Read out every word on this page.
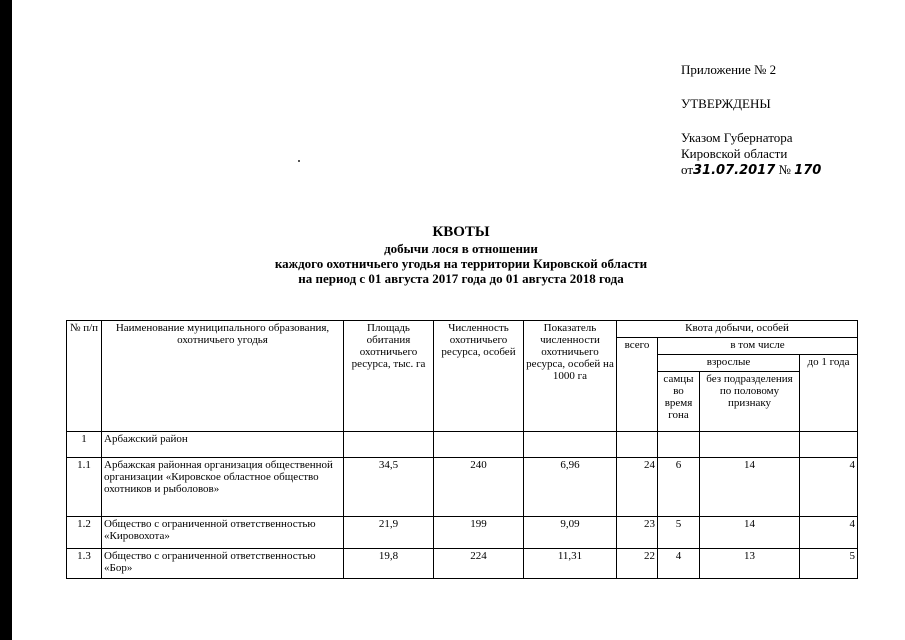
Приложение № 2
УТВЕРЖДЕНЫ
Указом Губернатора
Кировской области
от31.07.2017 № 170
КВОТЫ
добычи лося в отношении
каждого охотничьего угодья на территории Кировской области
на период с 01 августа 2017 года до 01 августа 2018 года
№ п/п	Наименование муниципального образования, охотничьего угодья	Площадь обитания охотничьего ресурса, тыс. га	Численность охотничьего ресурса, особей	Показатель численности охотничьего ресурса, особей на 1000 га	Квота добычи, особей			
					всего	в том числе		
						взрослые		до 1 года
						самцы во время гона	без подразделения по половому признаку	
1	Арбажский район							
1.1	Арбажская районная организация общественной организации «Кировское областное общество охотников и рыболовов»	34,5	240	6,96	24	6	14	4
1.2	Общество с ограниченной ответственностью «Кировохота»	21,9	199	9,09	23	5	14	4
1.3	Общество с ограниченной ответственностью «Бор»	19,8	224	11,31	22	4	13	5
